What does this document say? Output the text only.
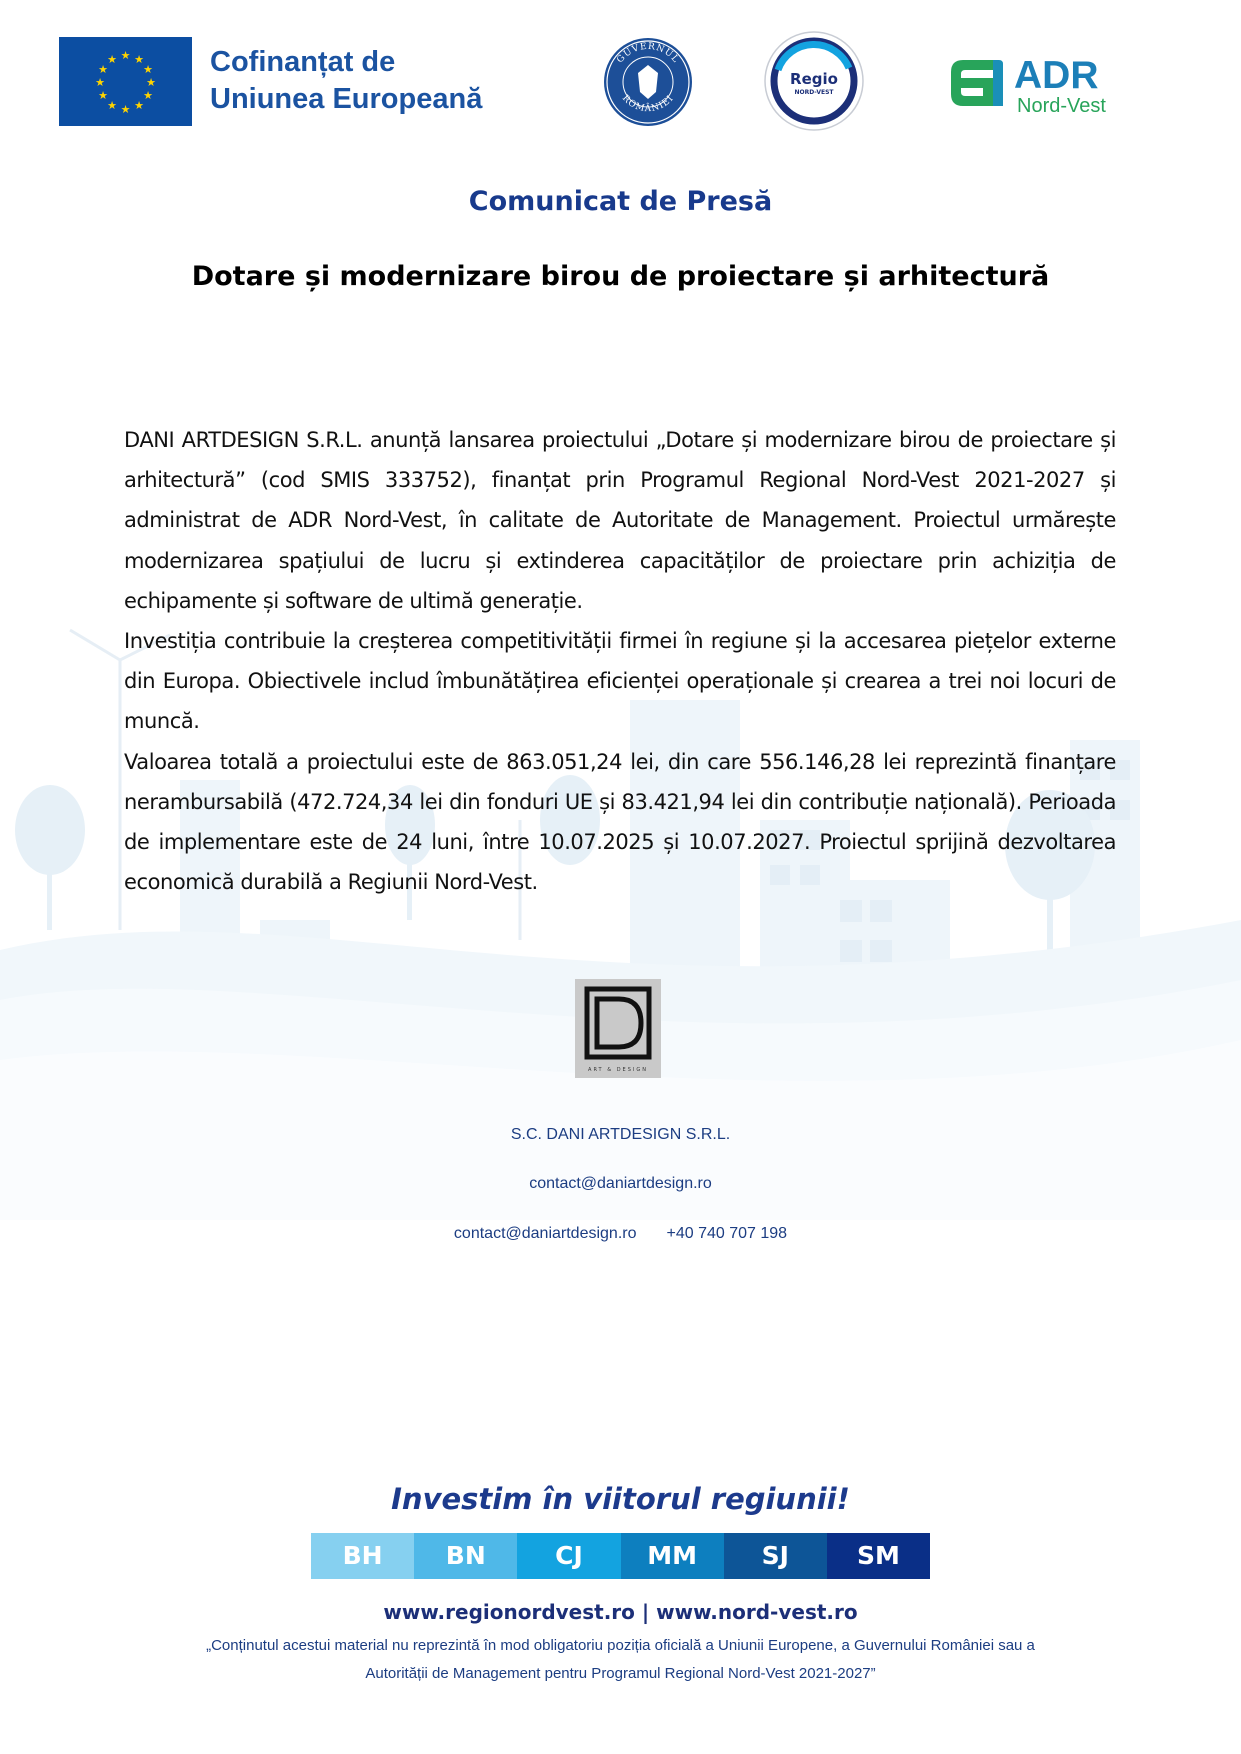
★ ★
★
★
★
★
★
★
★
★
★
★	Cofinanțat de
Uniunea Europeană
GUVERNUL
ROMÂNIEI
Regio
NORD-VEST	ADR
Nord-Vest
Comunicat de Presă
Dotare și modernizare birou de proiectare și arhitectură

DANI ARTDESIGN S.R.L. anunță lansarea proiectului „Dotare și modernizare birou de proiectare și arhitectură” (cod SMIS 333752), finanțat prin Programul Regional Nord-Vest 2021-2027 și administrat de ADR Nord-Vest, în calitate de Autoritate de Management. Proiectul urmărește modernizarea spațiului de lucru și extinderea capacităților de proiectare prin achiziția de echipamente și software de ultimă generație.

Investiția contribuie la creșterea competitivității firmei în regiune și la accesarea piețelor externe din Europa. Obiectivele includ îmbunătățirea eficienței operaționale și crearea a trei noi locuri de muncă.

Valoarea totală a proiectului este de 863.051,24 lei, din care 556.146,28 lei reprezintă finanțare nerambursabilă (472.724,34 lei din fonduri UE și 83.421,94 lei din contribuție națională). Perioada de implementare este de 24 luni, între 10.07.2025 și 10.07.2027. Proiectul sprijină dezvoltarea economică durabilă a Regiunii Nord-Vest.

ART & DESIGN
S.C. DANI ARTDESIGN S.R.L.
contact@daniartdesign.ro
contact@daniartdesign.ro +40 740 707 198
Investim în viitorul regiunii!
BH	BN	CJ	MM	SJ	SM
www.regionordvest.ro | www.nord-vest.ro
„Conținutul acestui material nu reprezintă în mod obligatoriu poziția oficială a Uniunii Europene, a Guvernului României sau a
Autorității de Management pentru Programul Regional Nord-Vest 2021-2027”
